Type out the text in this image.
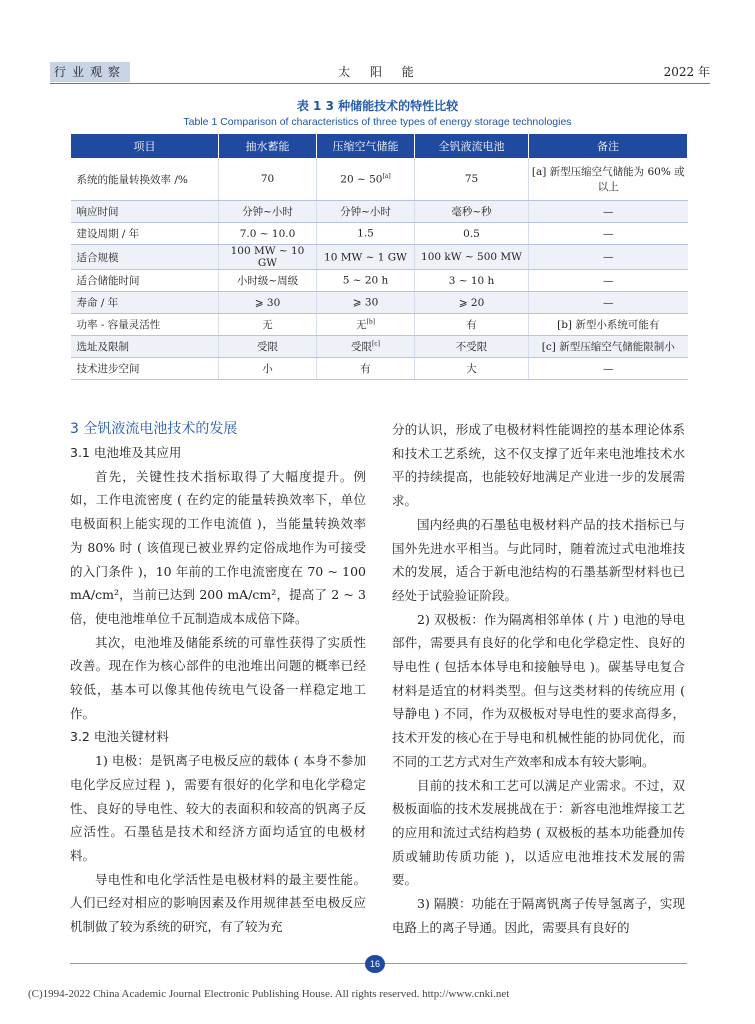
行业观察	太 阳 能	2022 年
表 1 3 种储能技术的特性比较
Table 1 Comparison of characteristics of three types of energy storage technologies
项目	抽水蓄能	压缩空气储能	全钒液流电池	备注
系统的能量转换效率 /%	70	20 ~ 50[a]	75	[a] 新型压缩空气储能为 60% 或以上
响应时间	分钟~小时	分钟~小时	毫秒~秒	—
建设周期 / 年	7.0 ~ 10.0	1.5	0.5	—
适合规模	100 MW ~ 10 GW	10 MW ~ 1 GW	100 kW ~ 500 MW	—
适合储能时间	小时级~周级	5 ~ 20 h	3 ~ 10 h	—
寿命 / 年	⩾ 30	⩾ 30	⩾ 20	—
功率 - 容量灵活性	无	无[b]	有	[b] 新型小系统可能有
选址及限制	受限	受限[c]	不受限	[c] 新型压缩空气储能限制小
技术进步空间	小	有	大	—
3 全钒液流电池技术的发展
3.1 电池堆及其应用

首先，关键性技术指标取得了大幅度提升。例如，工作电流密度 ( 在约定的能量转换效率下，单位电极面积上能实现的工作电流值 )，当能量转换效率为 80% 时 ( 该值现已被业界约定俗成地作为可接受的入门条件 )，10 年前的工作电流密度在 70 ~ 100 mA/cm²，当前已达到 200 mA/cm²，提高了 2 ~ 3 倍，使电池堆单位千瓦制造成本成倍下降。

其次，电池堆及储能系统的可靠性获得了实质性改善。现在作为核心部件的电池堆出问题的概率已经较低，基本可以像其他传统电气设备一样稳定地工作。

3.2 电池关键材料

1) 电极：是钒离子电极反应的载体 ( 本身不参加电化学反应过程 )，需要有很好的化学和电化学稳定性、良好的导电性、较大的表面积和较高的钒离子反应活性。石墨毡是技术和经济方面均适宜的电极材料。

导电性和电化学活性是电极材料的最主要性能。人们已经对相应的影响因素及作用规律甚至电极反应机制做了较为系统的研究，有了较为充

分的认识，形成了电极材料性能调控的基本理论体系和技术工艺系统，这不仅支撑了近年来电池堆技术水平的持续提高，也能较好地满足产业进一步的发展需求。

国内经典的石墨毡电极材料产品的技术指标已与国外先进水平相当。与此同时，随着流过式电池堆技术的发展，适合于新电池结构的石墨基新型材料也已经处于试验验证阶段。

2) 双极板：作为隔离相邻单体 ( 片 ) 电池的导电部件，需要具有良好的化学和电化学稳定性、良好的导电性 ( 包括本体导电和接触导电 )。碳基导电复合材料是适宜的材料类型。但与这类材料的传统应用 ( 导静电 ) 不同，作为双极板对导电性的要求高得多，技术开发的核心在于导电和机械性能的协同优化，而不同的工艺方式对生产效率和成本有较大影响。

目前的技术和工艺可以满足产业需求。不过，双极板面临的技术发展挑战在于：新容电池堆焊接工艺的应用和流过式结构趋势 ( 双极板的基本功能叠加传质或辅助传质功能 )，以适应电池堆技术发展的需要。

3) 隔膜：功能在于隔离钒离子传导氢离子，实现电路上的离子导通。因此，需要具有良好的

16
(C)1994-2022 China Academic Journal Electronic Publishing House. All rights reserved. http://www.cnki.net
